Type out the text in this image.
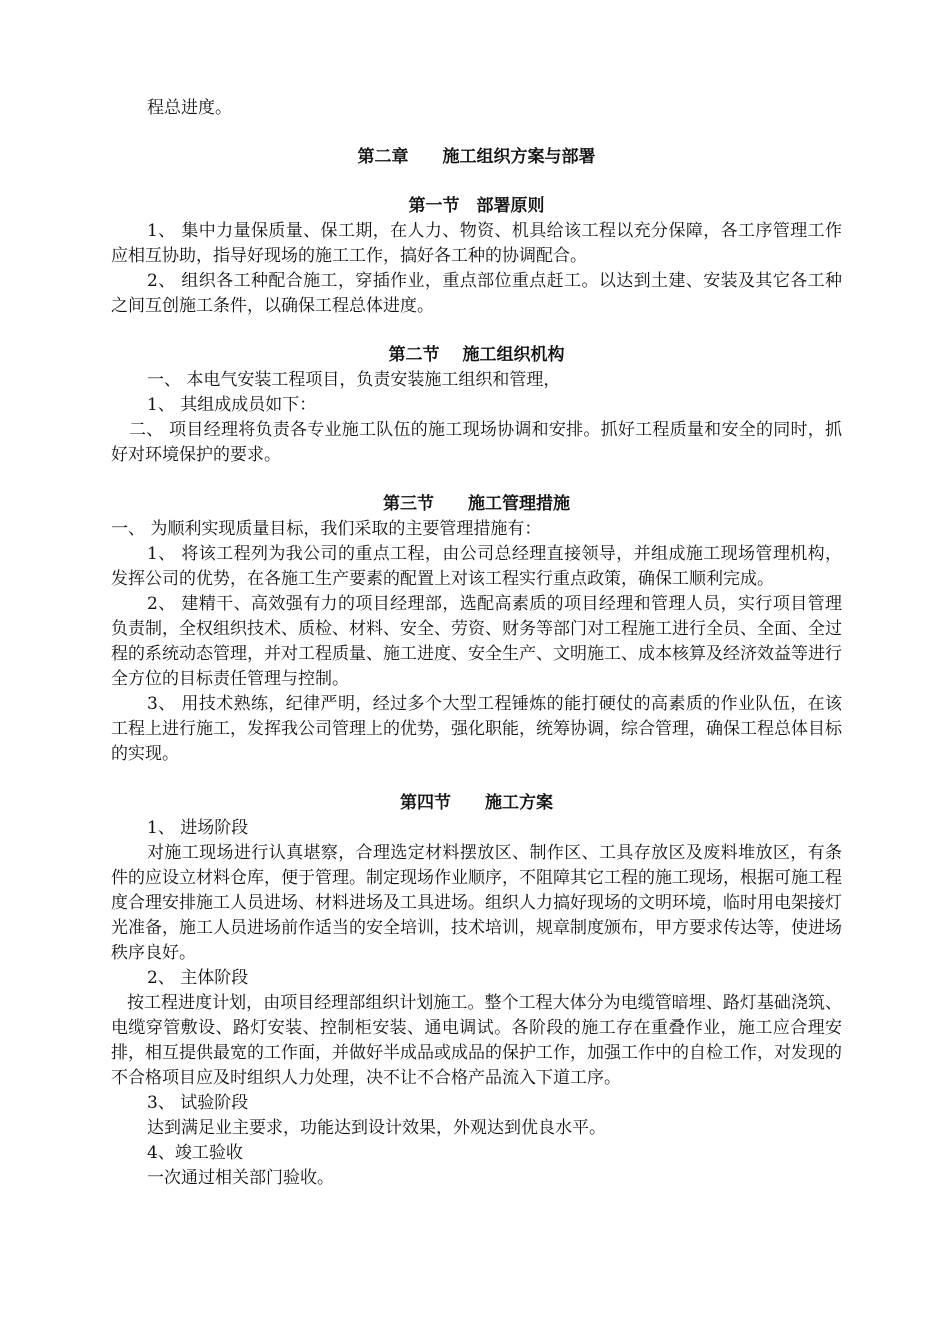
程总进度。

第二章　　施工组织方案与部署

第一节　部署原则

1、 集中力量保质量、保工期，在人力、物资、机具给该工程以充分保障，各工序管理工作应相互协助，指导好现场的施工工作，搞好各工种的协调配合。

2、 组织各工种配合施工，穿插作业，重点部位重点赶工。以达到土建、安装及其它各工种之间互创施工条件，以确保工程总体进度。

第二节　 施工组织机构

一、 本电气安装工程项目，负责安装施工组织和管理，

1、 其组成成员如下：

二、 项目经理将负责各专业施工队伍的施工现场协调和安排。抓好工程质量和安全的同时，抓好对环境保护的要求。

第三节　　施工管理措施

一、 为顺利实现质量目标，我们采取的主要管理措施有：

1、 将该工程列为我公司的重点工程，由公司总经理直接领导，并组成施工现场管理机构，发挥公司的优势，在各施工生产要素的配置上对该工程实行重点政策，确保工顺利完成。

2、 建精干、高效强有力的项目经理部，选配高素质的项目经理和管理人员，实行项目管理负责制，全权组织技术、质检、材料、安全、劳资、财务等部门对工程施工进行全员、全面、全过程的系统动态管理，并对工程质量、施工进度、安全生产、文明施工、成本核算及经济效益等进行全方位的目标责任管理与控制。

3、 用技术熟练，纪律严明，经过多个大型工程锤炼的能打硬仗的高素质的作业队伍，在该工程上进行施工，发挥我公司管理上的优势，强化职能，统筹协调，综合管理，确保工程总体目标的实现。

第四节　　施工方案

1、 进场阶段

对施工现场进行认真堪察，合理选定材料摆放区、制作区、工具存放区及废料堆放区，有条件的应设立材料仓库，便于管理。制定现场作业顺序，不阻障其它工程的施工现场，根据可施工程度合理安排施工人员进场、材料进场及工具进场。组织人力搞好现场的文明环境，临时用电架接灯光准备，施工人员进场前作适当的安全培训，技术培训，规章制度颁布，甲方要求传达等，使进场秩序良好。

2、 主体阶段

按工程进度计划，由项目经理部组织计划施工。整个工程大体分为电缆管暗埋、路灯基础浇筑、电缆穿管敷设、路灯安装、控制柜安装、通电调试。各阶段的施工存在重叠作业，施工应合理安排，相互提供最宽的工作面，并做好半成品或成品的保护工作，加强工作中的自检工作，对发现的不合格项目应及时组织人力处理，决不让不合格产品流入下道工序。

3、 试验阶段

达到满足业主要求，功能达到设计效果，外观达到优良水平。

4、竣工验收

一次通过相关部门验收。
